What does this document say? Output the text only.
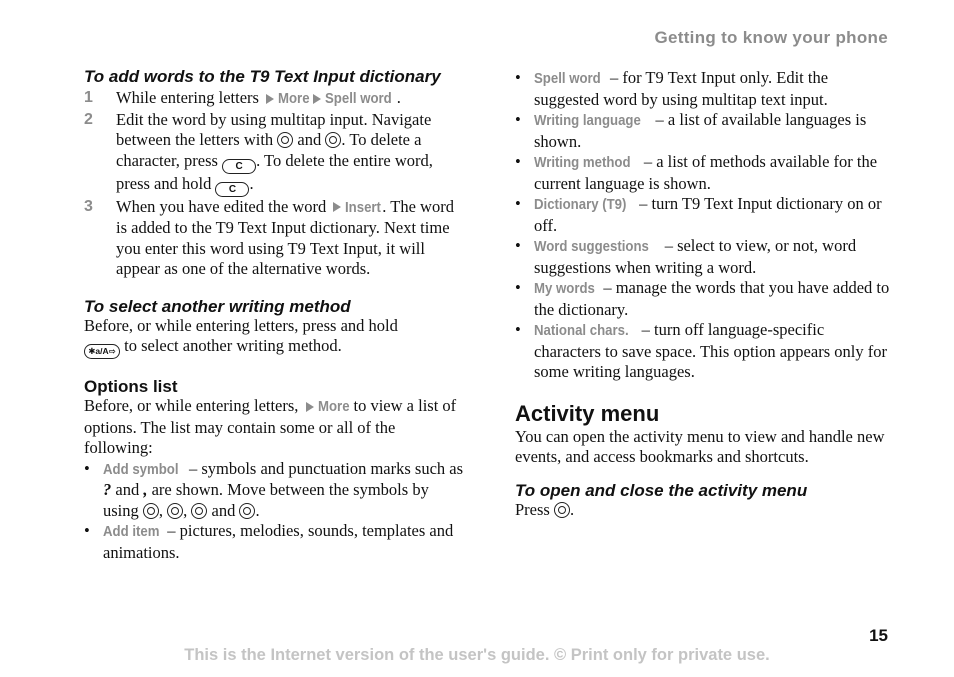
Getting to know your phone
To add words to the T9 Text Input dictionary
1	While entering letters More Spell word .
2	Edit the word by using multitap input. Navigate between the letters with  and . To delete a character, press C . To delete the entire word, press and hold C .
3	When you have edited the word Insert. The word is added to the T9 Text Input dictionary. Next time you enter this word using T9 Text Input, it will appear as one of the alternative words.
To select another writing method

Before, or while entering letters, press and hold
✱a/A⇨ to select another writing method.

Options list

Before, or while entering letters, More to view a list of options. The list may contain some or all of the following:

• Add symbol – symbols and punctuation marks such as ? and , are shown. Move between the symbols by using , ,  and .
• Add item – pictures, melodies, sounds, templates and animations.
• Spell word – for T9 Text Input only. Edit the suggested word by using multitap text input.
• Writing language – a list of available languages is shown.
• Writing method – a list of methods available for the current language is shown.
• Dictionary (T9) – turn T9 Text Input dictionary on or off.
• Word suggestions – select to view, or not, word suggestions when writing a word.
• My words – manage the words that you have added to the dictionary.
• National chars. – turn off language-specific characters to save space. This option appears only for some writing languages.
Activity menu

You can open the activity menu to view and handle new events, and access bookmarks and shortcuts.

To open and close the activity menu

Press .

15
This is the Internet version of the user's guide. © Print only for private use.
